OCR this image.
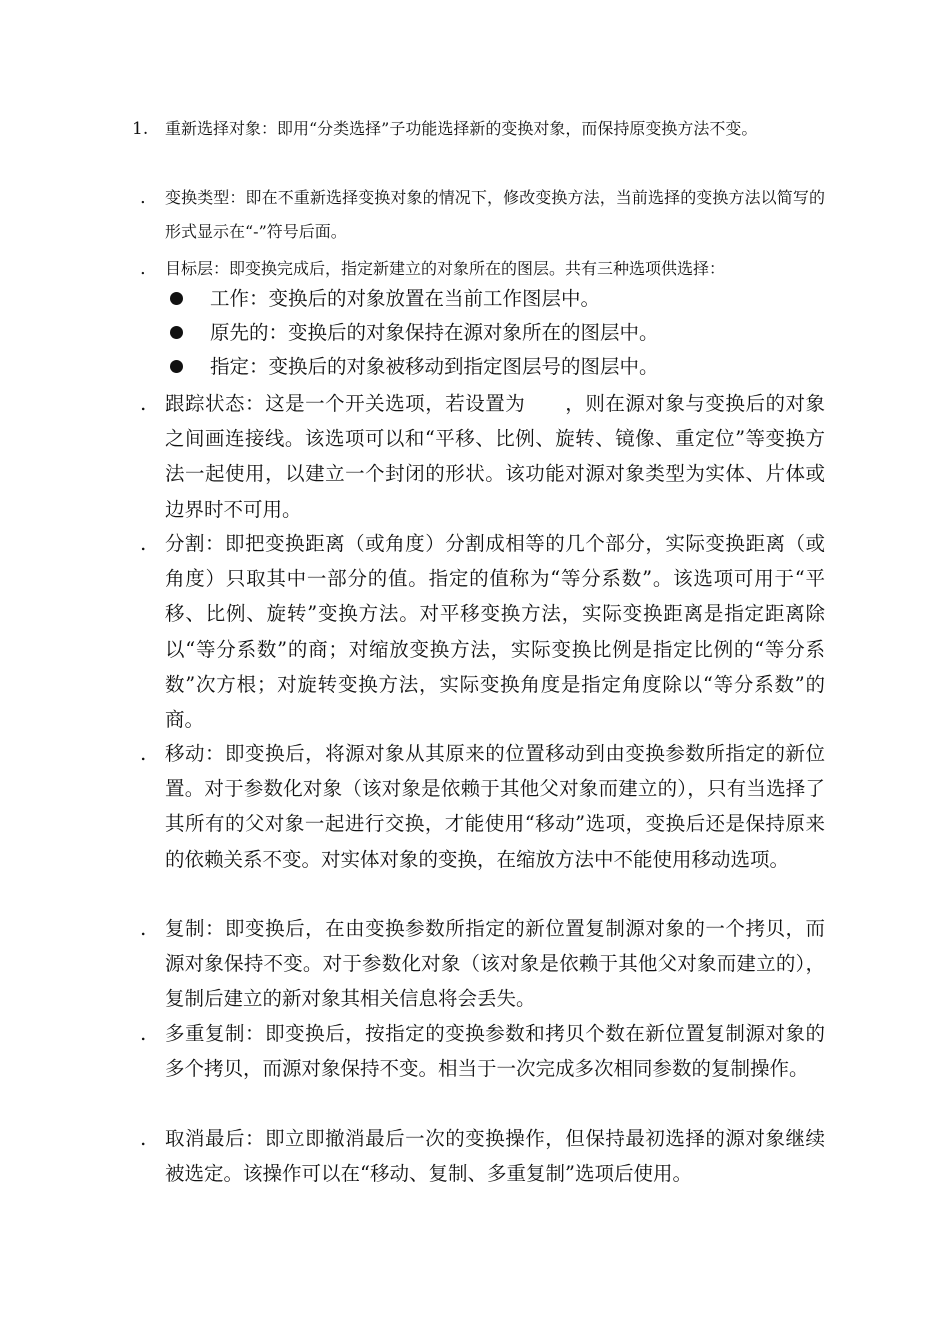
1.	重新选择对象：即用“分类选择”子功能选择新的变换对象，而保持原变换方法不变。
.	变换类型：即在不重新选择变换对象的情况下，修改变换方法，当前选择的变换方法以简写的形式显示在“-”符号后面。
.	目标层：即变换完成后，指定新建立的对象所在的图层。共有三种选项供选择：
工作：变换后的对象放置在当前工作图层中。
原先的：变换后的对象保持在源对象所在的图层中。
指定：变换后的对象被移动到指定图层号的图层中。
. 跟踪状态：这是一个开关选项，若设置为　　，则在源对象与变换后的对象之间画连接线。该选项可以和“平移、比例、旋转、镜像、重定位”等变换方法一起使用，以建立一个封闭的形状。该功能对源对象类型为实体、片体或边界时不可用。
. 分割：即把变换距离（或角度）分割成相等的几个部分，实际变换距离（或角度）只取其中一部分的值。指定的值称为“等分系数”。该选项可用于“平移、比例、旋转”变换方法。对平移变换方法，实际变换距离是指定距离除以“等分系数”的商；对缩放变换方法，实际变换比例是指定比例的“等分系数”次方根；对旋转变换方法，实际变换角度是指定角度除以“等分系数”的商。
. 移动：即变换后，将源对象从其原来的位置移动到由变换参数所指定的新位置。对于参数化对象（该对象是依赖于其他父对象而建立的），只有当选择了其所有的父对象一起进行交换，才能使用“移动”选项，变换后还是保持原来的依赖关系不变。对实体对象的变换，在缩放方法中不能使用移动选项。
. 复制：即变换后，在由变换参数所指定的新位置复制源对象的一个拷贝，而源对象保持不变。对于参数化对象（该对象是依赖于其他父对象而建立的），复制后建立的新对象其相关信息将会丢失。
. 多重复制：即变换后，按指定的变换参数和拷贝个数在新位置复制源对象的多个拷贝，而源对象保持不变。相当于一次完成多次相同参数的复制操作。
. 取消最后：即立即撤消最后一次的变换操作，但保持最初选择的源对象继续被选定。该操作可以在“移动、复制、多重复制”选项后使用。
